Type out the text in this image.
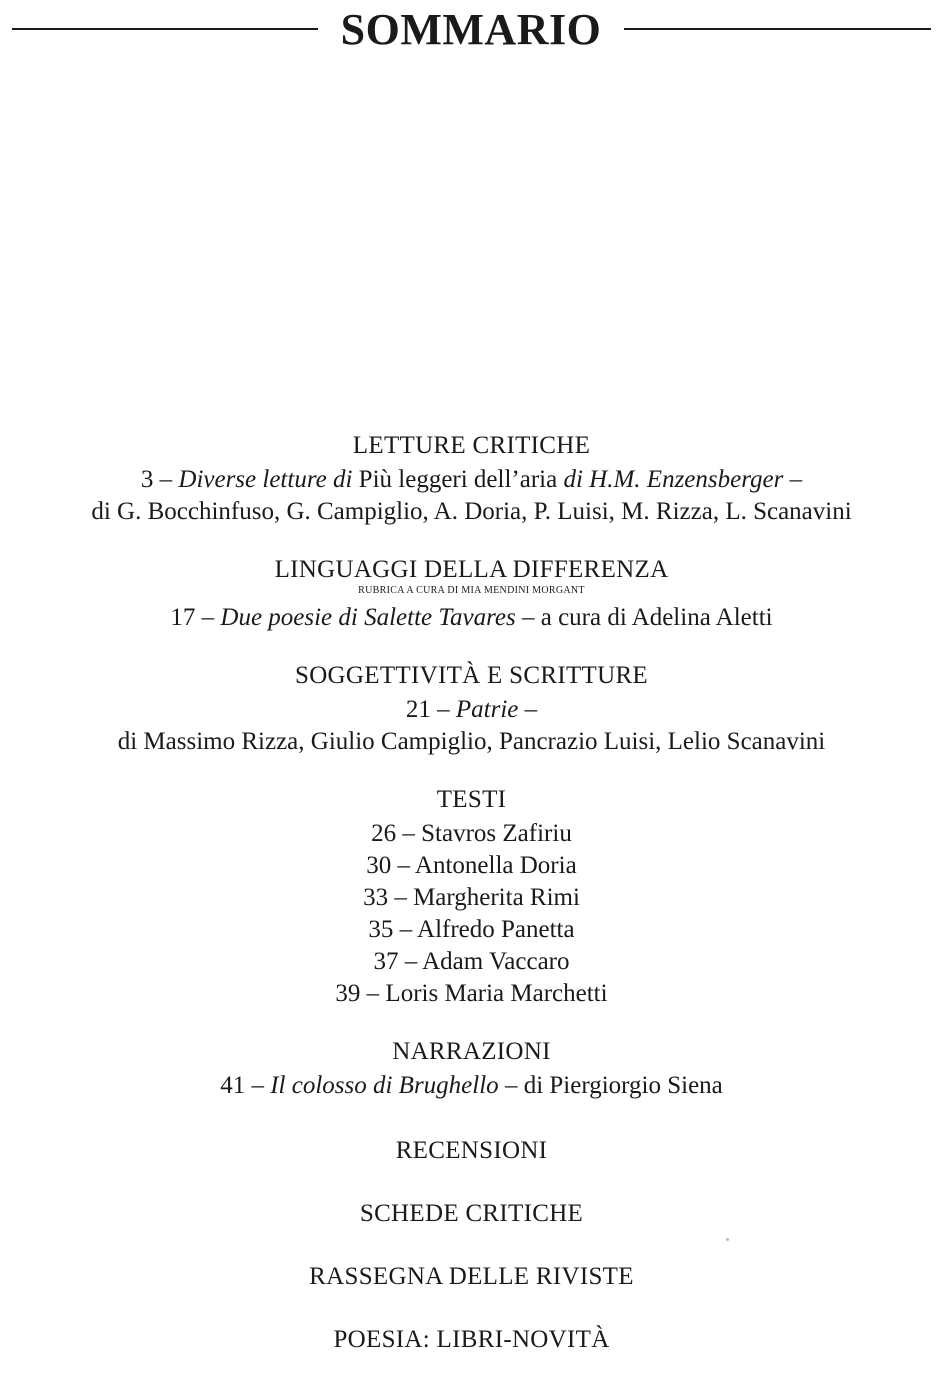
SOMMARIO
LETTURE CRITICHE
3 – Diverse letture di Più leggeri dell’aria di H.M. Enzensberger –
di G. Bocchinfuso, G. Campiglio, A. Doria, P. Luisi, M. Rizza, L. Scanavini
LINGUAGGI DELLA DIFFERENZA
RUBRICA A CURA DI MIA MENDINI MORGANT
17 – Due poesie di Salette Tavares – a cura di Adelina Aletti
SOGGETTIVITÀ E SCRITTURE
21 – Patrie –
di Massimo Rizza, Giulio Campiglio, Pancrazio Luisi, Lelio Scanavini
TESTI
26 – Stavros Zafiriu
30 – Antonella Doria
33 – Margherita Rimi
35 – Alfredo Panetta
37 – Adam Vaccaro
39 – Loris Maria Marchetti
NARRAZIONI
41 – Il colosso di Brughello – di Piergiorgio Siena
RECENSIONI
SCHEDE CRITICHE
RASSEGNA DELLE RIVISTE
POESIA: LIBRI-NOVITÀ
